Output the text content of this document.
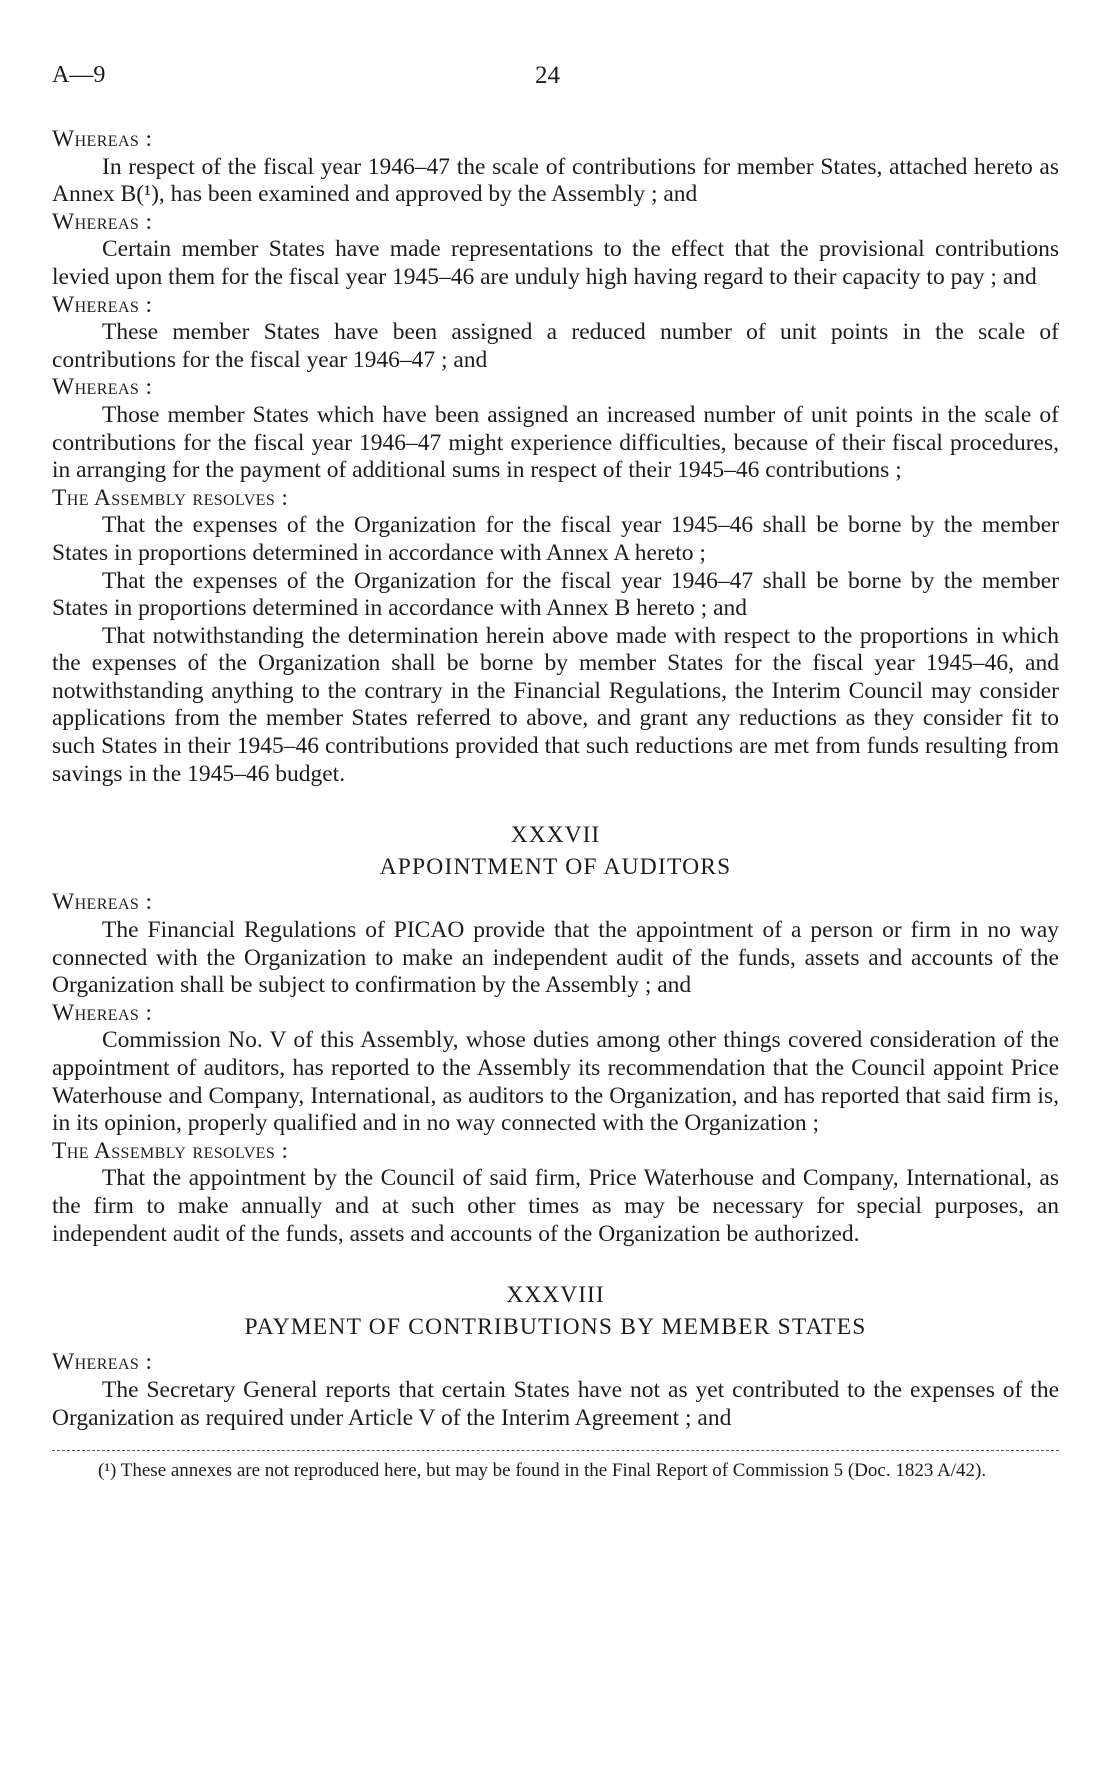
A—9	24
Whereas :

In respect of the fiscal year 1946–47 the scale of contributions for member States, attached hereto as Annex B(¹), has been examined and approved by the Assembly ; and

Whereas :

Certain member States have made representations to the effect that the provisional contributions levied upon them for the fiscal year 1945–46 are unduly high having regard to their capacity to pay ; and

Whereas :

These member States have been assigned a reduced number of unit points in the scale of contributions for the fiscal year 1946–47 ; and

Whereas :

Those member States which have been assigned an increased number of unit points in the scale of contributions for the fiscal year 1946–47 might experience difficulties, because of their fiscal procedures, in arranging for the payment of additional sums in respect of their 1945–46 contributions ;

The Assembly resolves :

That the expenses of the Organization for the fiscal year 1945–46 shall be borne by the member States in proportions determined in accordance with Annex A hereto ;

That the expenses of the Organization for the fiscal year 1946–47 shall be borne by the member States in proportions determined in accordance with Annex B hereto ; and

That notwithstanding the determination herein above made with respect to the proportions in which the expenses of the Organization shall be borne by member States for the fiscal year 1945–46, and notwithstanding anything to the contrary in the Financial Regulations, the Interim Council may consider applications from the member States referred to above, and grant any reductions as they consider fit to such States in their 1945–46 contributions provided that such reductions are met from funds resulting from savings in the 1945–46 budget.

XXXVII
APPOINTMENT OF AUDITORS
Whereas :

The Financial Regulations of PICAO provide that the appointment of a person or firm in no way connected with the Organization to make an independent audit of the funds, assets and accounts of the Organization shall be subject to confirmation by the Assembly ; and

Whereas :

Commission No. V of this Assembly, whose duties among other things covered consideration of the appointment of auditors, has reported to the Assembly its recommendation that the Council appoint Price Waterhouse and Company, International, as auditors to the Organization, and has reported that said firm is, in its opinion, properly qualified and in no way connected with the Organization ;

The Assembly resolves :

That the appointment by the Council of said firm, Price Waterhouse and Company, International, as the firm to make annually and at such other times as may be necessary for special purposes, an independent audit of the funds, assets and accounts of the Organization be authorized.

XXXVIII
PAYMENT OF CONTRIBUTIONS BY MEMBER STATES
Whereas :

The Secretary General reports that certain States have not as yet contributed to the expenses of the Organization as required under Article V of the Interim Agreement ; and

(¹) These annexes are not reproduced here, but may be found in the Final Report of Commission 5 (Doc. 1823 A/42).
